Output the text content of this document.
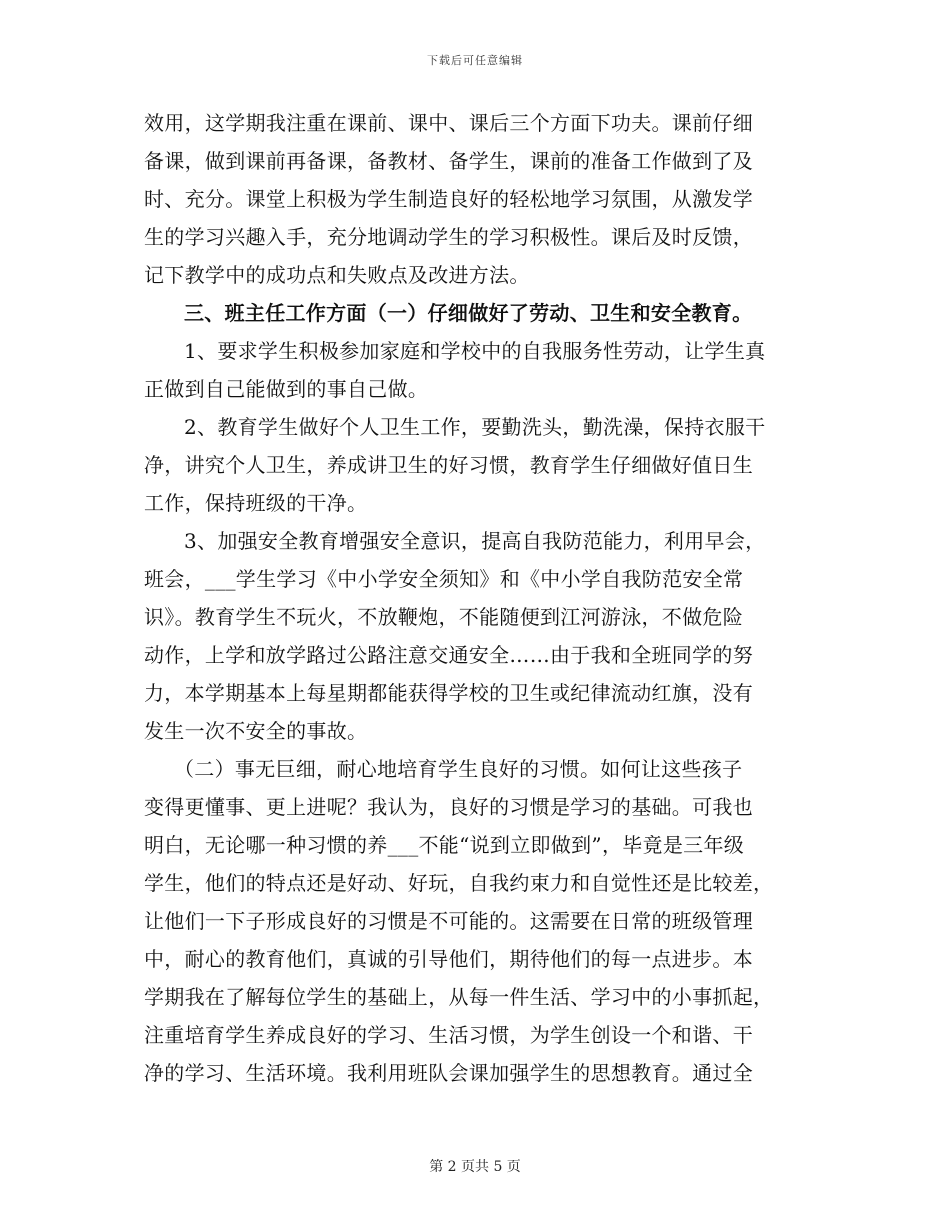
下载后可任意编辑
效用，这学期我注重在课前、课中、课后三个方面下功夫。课前仔细
备课，做到课前再备课，备教材、备学生，课前的准备工作做到了及
时、充分。课堂上积极为学生制造良好的轻松地学习氛围，从激发学
生的学习兴趣入手，充分地调动学生的学习积极性。课后及时反馈，
记下教学中的成功点和失败点及改进方法。
三、班主任工作方面（一）仔细做好了劳动、卫生和安全教育。
1、要求学生积极参加家庭和学校中的自我服务性劳动，让学生真
正做到自己能做到的事自己做。
2、教育学生做好个人卫生工作，要勤洗头，勤洗澡，保持衣服干
净，讲究个人卫生，养成讲卫生的好习惯，教育学生仔细做好值日生
工作，保持班级的干净。
3、加强安全教育增强安全意识，提高自我防范能力，利用早会，
班会，___学生学习《中小学安全须知》和《中小学自我防范安全常
识》。教育学生不玩火，不放鞭炮，不能随便到江河游泳，不做危险
动作，上学和放学路过公路注意交通安全……由于我和全班同学的努
力，本学期基本上每星期都能获得学校的卫生或纪律流动红旗，没有
发生一次不安全的事故。
（二）事无巨细，耐心地培育学生良好的习惯。如何让这些孩子
变得更懂事、更上进呢？我认为，良好的习惯是学习的基础。可我也
明白，无论哪一种习惯的养___不能“说到立即做到”，毕竟是三年级
学生，他们的特点还是好动、好玩，自我约束力和自觉性还是比较差，
让他们一下子形成良好的习惯是不可能的。这需要在日常的班级管理
中，耐心的教育他们，真诚的引导他们，期待他们的每一点进步。本
学期我在了解每位学生的基础上，从每一件生活、学习中的小事抓起，
注重培育学生养成良好的学习、生活习惯，为学生创设一个和谐、干
净的学习、生活环境。我利用班队会课加强学生的思想教育。通过全
第 2 页共 5 页
